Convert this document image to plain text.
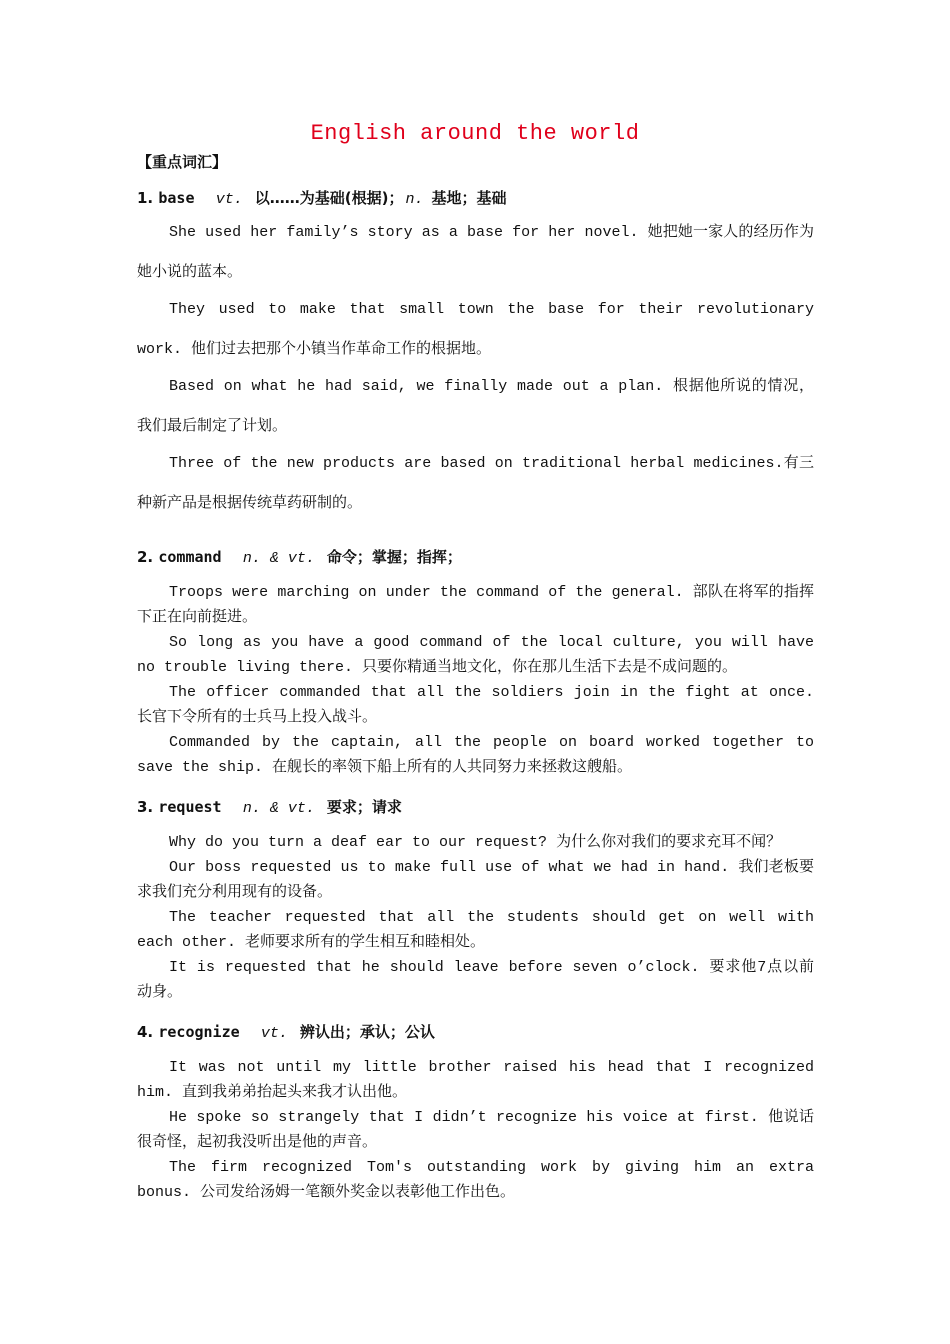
English around the world
【重点词汇】
1. base vt. 以……为基础(根据)； n. 基地；基础
She used her family’s story as a base for her novel. 她把她一家人的经历作为她小说的蓝本。
They used to make that small town the base for their revolutionary work. 他们过去把那个小镇当作革命工作的根据地。
Based on what he had said, we finally made out a plan. 根据他所说的情况，我们最后制定了计划。
Three of the new products are based on traditional herbal medicines.有三种新产品是根据传统草药研制的。
2. command n. & vt. 命令；掌握；指挥；
Troops were marching on under the command of the general. 部队在将军的指挥下正在向前挺进。
So long as you have a good command of the local culture, you will have no trouble living there. 只要你精通当地文化，你在那儿生活下去是不成问题的。
The officer commanded that all the soldiers join in the fight at once. 长官下令所有的士兵马上投入战斗。
Commanded by the captain, all the people on board worked together to save the ship. 在舰长的率领下船上所有的人共同努力来拯救这艘船。
3. request n. & vt. 要求；请求
Why do you turn a deaf ear to our request? 为什么你对我们的要求充耳不闻？
Our boss requested us to make full use of what we had in hand. 我们老板要求我们充分利用现有的设备。
The teacher requested that all the students should get on well with each other. 老师要求所有的学生相互和睦相处。
It is requested that he should leave before seven o’clock. 要求他7点以前动身。
4. recognize vt. 辨认出；承认；公认
It was not until my little brother raised his head that I recognized him. 直到我弟弟抬起头来我才认出他。
He spoke so strangely that I didn’t recognize his voice at first. 他说话很奇怪，起初我没听出是他的声音。
The firm recognized Tom's outstanding work by giving him an extra bonus. 公司发给汤姆一笔额外奖金以表彰他工作出色。
